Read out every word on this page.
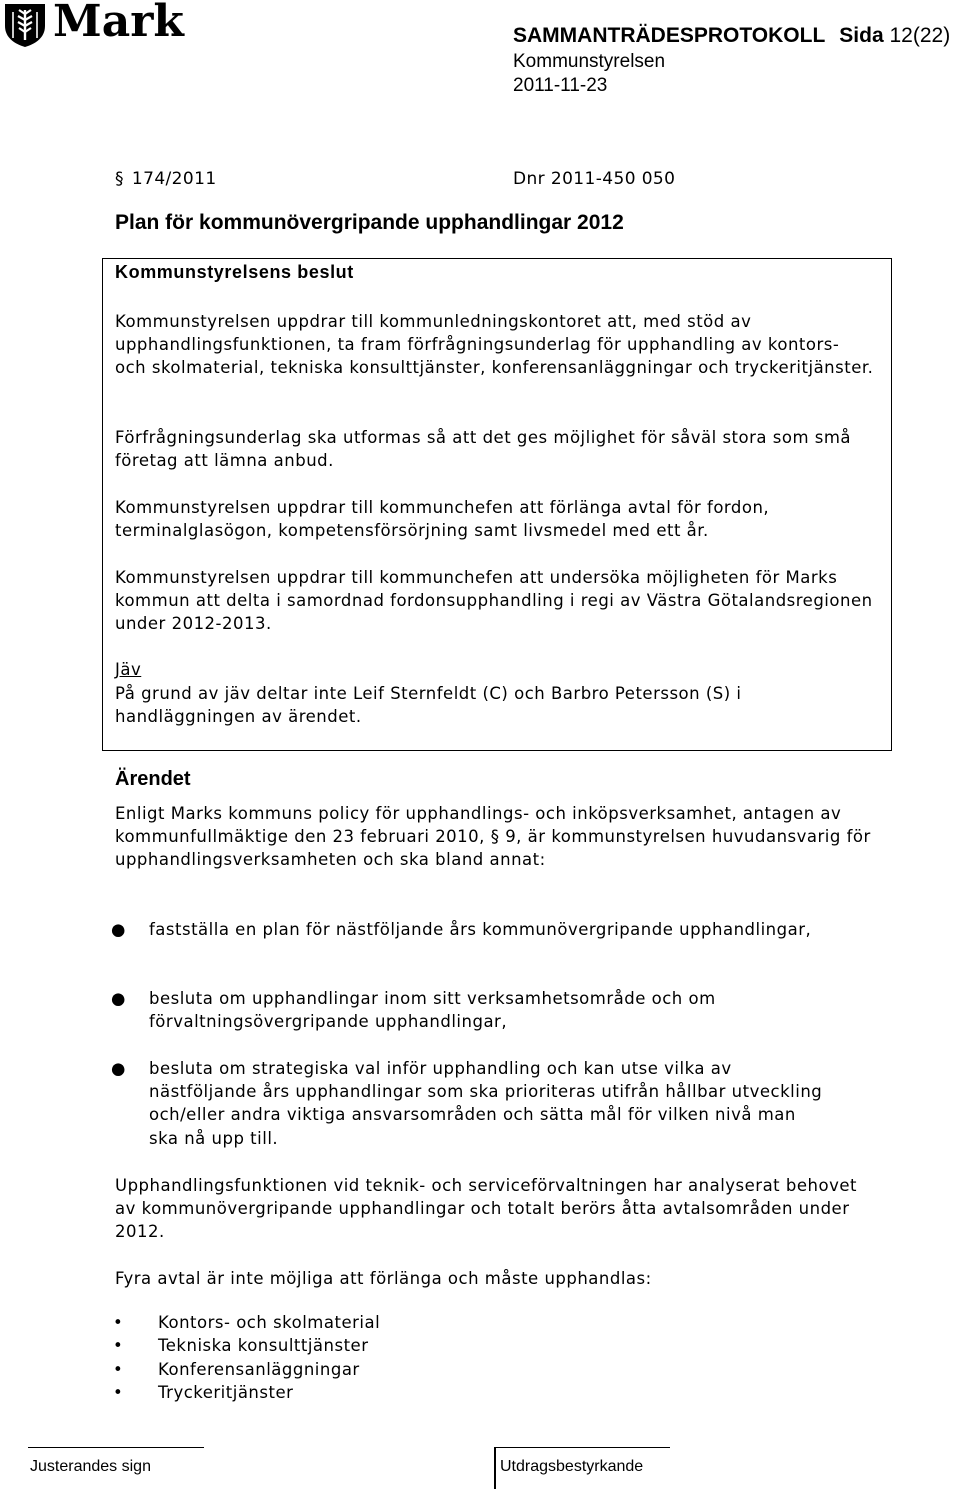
Mark	SAMMANTRÄDESPROTOKOLL Sida 12(22)
Kommunstyrelsen
2011-11-23
§ 174/2011	Dnr 2011-450 050
Plan för kommunövergripande upphandlingar 2012
Kommunstyrelsens beslut

Kommunstyrelsen uppdrar till kommunledningskontoret att, med stöd av upphandlingsfunktionen, ta fram förfrågningsunderlag för upphandling av kontors- och skolmaterial, tekniska konsulttjänster, konferensanläggningar och tryckeritjänster.

Förfrågningsunderlag ska utformas så att det ges möjlighet för såväl stora som små företag att lämna anbud.

Kommunstyrelsen uppdrar till kommunchefen att förlänga avtal för fordon, terminalglasögon, kompetensförsörjning samt livsmedel med ett år.

Kommunstyrelsen uppdrar till kommunchefen att undersöka möjligheten för Marks kommun att delta i samordnad fordonsupphandling i regi av Västra Götalandsregionen under 2012-2013.

Jäv

På grund av jäv deltar inte Leif Sternfeldt (C) och Barbro Petersson (S) i handläggningen av ärendet.

Ärendet

Enligt Marks kommuns policy för upphandlings- och inköpsverksamhet, antagen av kommunfullmäktige den 23 februari 2010, § 9, är kommunstyrelsen huvudansvarig för upphandlingsverksamheten och ska bland annat:

● fastställa en plan för nästföljande års kommunövergripande upphandlingar,
● besluta om upphandlingar inom sitt verksamhetsområde och om förvaltningsövergripande upphandlingar,
● besluta om strategiska val inför upphandling och kan utse vilka av nästföljande års upphandlingar som ska prioriteras utifrån hållbar utveckling och/eller andra viktiga ansvarsområden och sätta mål för vilken nivå man ska nå upp till.

Upphandlingsfunktionen vid teknik- och serviceförvaltningen har analyserat behovet av kommunövergripande upphandlingar och totalt berörs åtta avtalsområden under 2012.

Fyra avtal är inte möjliga att förlänga och måste upphandlas:

• Kontors- och skolmaterial
• Tekniska konsulttjänster
• Konferensanläggningar
• Tryckeritjänster
Justerandes sign	Utdragsbestyrkande
